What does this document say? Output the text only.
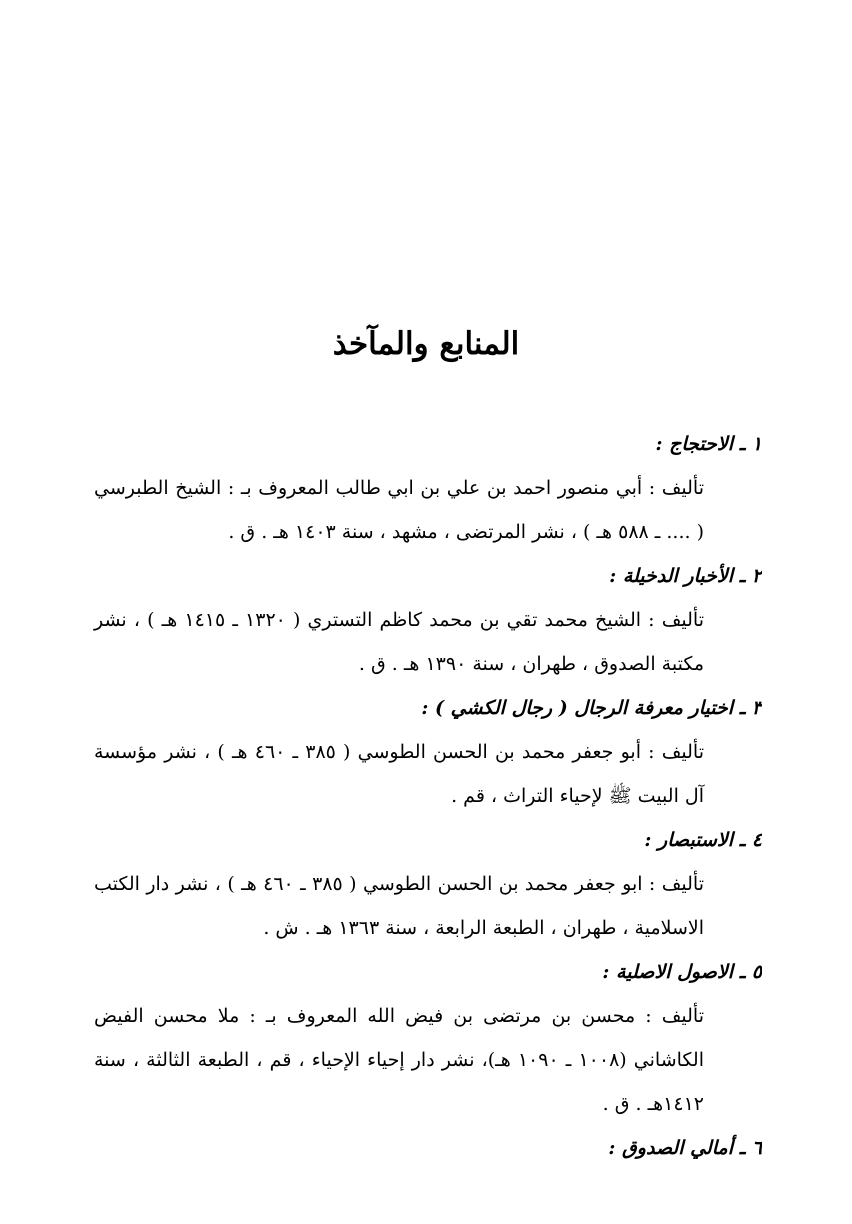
المنابع والمآخذ
١ ـ الاحتجاج :

تأليف : أبي منصور احمد بن علي بن ابي طالب المعروف بـ : الشيخ الطبرسي ( .... ـ ٥٨٨ هـ ) ، نشر المرتضى ، مشهد ، سنة ١٤٠٣ هـ . ق .

٢ ـ الأخبار الدخيلة :

تأليف : الشيخ محمد تقي بن محمد كاظم التستري ( ١٣٢٠ ـ ١٤١٥ هـ ) ، نشر مكتبة الصدوق ، طهران ، سنة ١٣٩٠ هـ . ق .

٣ ـ اختيار معرفة الرجال ( رجال الكشي ) :

تأليف : أبو جعفر محمد بن الحسن الطوسي ( ٣٨٥ ـ ٤٦٠ هـ ) ، نشر مؤسسة آل البيت ﷺ لإحياء التراث ، قم .

٤ ـ الاستبصار :

تأليف : ابو جعفر محمد بن الحسن الطوسي ( ٣٨٥ ـ ٤٦٠ هـ ) ، نشر دار الكتب الاسلامية ، طهران ، الطبعة الرابعة ، سنة ١٣٦٣ هـ . ش .

٥ ـ الاصول الاصلية :

تأليف : محسن بن مرتضى بن فيض الله المعروف بـ : ملا محسن الفيض الكاشاني (١٠٠٨ ـ ١٠٩٠ هـ)، نشر دار إحياء الإحياء ، قم ، الطبعة الثالثة ، سنة ١٤١٢هـ . ق .

٦ ـ أمالي الصدوق :
